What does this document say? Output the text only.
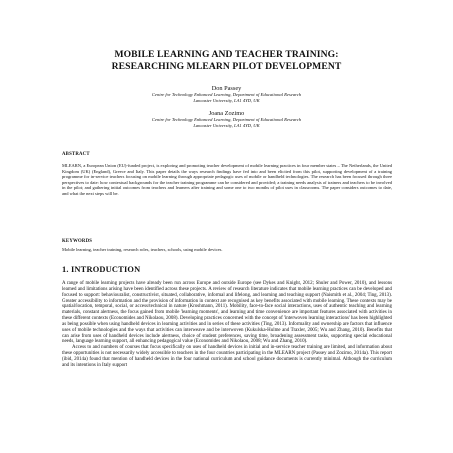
MOBILE LEARNING AND TEACHER TRAINING:
RESEARCHING MLEARN PILOT DEVELOPMENT
Don Passey
Centre for Technology Enhanced Learning, Department of Educational Research
Lancaster University, LA1 4YD, UK
Joana Zozimo
Centre for Technology Enhanced Learning, Department of Educational Research
Lancaster University, LA1 4YD, UK
ABSTRACT
MLEARN, a European Union (EU)-funded project, is exploring and promoting teacher development of mobile learning practices in four member states – The Netherlands, the United Kingdom (UK) (England), Greece and Italy. This paper details the ways research findings have fed into and been elicited from this pilot, supporting development of a training programme for in-service teachers focusing on mobile learning through appropriate pedagogic uses of mobile or handheld technologies. The research has been focused through three perspectives to date: how contextual backgrounds for the teacher training programme can be considered and provided; a training needs analysis of trainers and teachers to be involved in the pilot; and gathering initial outcomes from teachers and learners after training and some one to two months of pilot uses in classrooms. The paper considers outcomes to date, and what the next steps will be.
KEYWORDS
Mobile learning, teacher training, research roles, teachers, schools, using mobile devices.
1. INTRODUCTION

A range of mobile learning projects have already been run across Europe and outside Europe (see Dykes and Knight, 2012; Shuler and Power, 2010), and lessons learned and limitations arising have been identified across these projects. A review of research literature indicates that mobile learning practices can be developed and focused to support: behaviouralist, constructivist, situated, collaborative, informal and lifelong, and learning and teaching support (Naismith et al., 2004; Ting, 2013). Greater accessibility to information and the provision of information in context are recognised as key benefits associated with mobile learning. These contexts may be spatial/location, temporal, social, or access/technical in nature (Kroshmann, 2011). Mobility, face-to-face social interactions, uses of authentic teaching and learning materials, constant alertness, the focus gained from mobile 'learning moments', and learning and time convenience are important features associated with activities in these different contexts (Economides and Nikolaou, 2008). Developing practices concerned with the concept of 'interwoven learning interactions' has been highlighted as being possible when using handheld devices in learning activities and in series of these activities (Ting, 2013). Informality and ownership are factors that influence uses of mobile technologies and the ways that activities can interweave and be interwoven (Kukulska-Hulme and Traxler, 2005; Wu and Zhang, 2010). Benefits that can arise from uses of handheld devices include alertness, choice of student preferences, saving time, broadening assessment tasks, supporting special educational needs, language learning support, all enhancing pedagogical value (Economides and Nikolaou, 2008; Wu and Zhang, 2010).

Access to and numbers of courses that focus specifically on uses of handheld devices in initial and in-service teacher training are limited, and information about these opportunities is not necessarily widely accessible to teachers in the four countries participating in the MLEARN project (Passey and Zozimo, 2014a). This report (ibid, 2014a) found that mention of handheld devices in the four national curriculum and school guidance documents is currently minimal. Although the curriculum and its intentions in Italy support
